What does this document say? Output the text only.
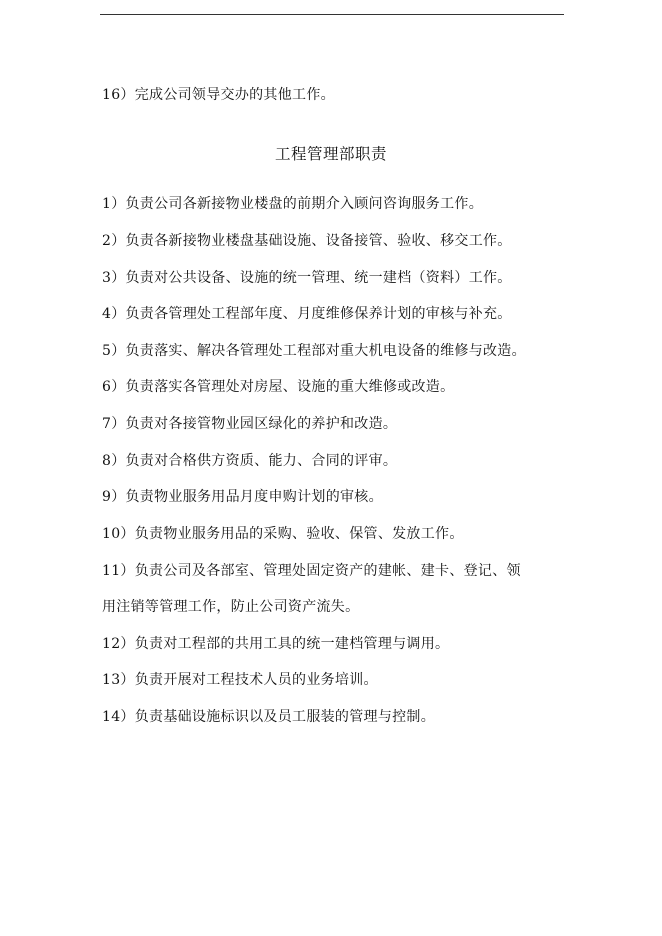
16）完成公司领导交办的其他工作。
工程管理部职责
1）负责公司各新接物业楼盘的前期介入顾问咨询服务工作。
2）负责各新接物业楼盘基础设施、设备接管、验收、移交工作。
3）负责对公共设备、设施的统一管理、统一建档（资料）工作。
4）负责各管理处工程部年度、月度维修保养计划的审核与补充。
5）负责落实、解决各管理处工程部对重大机电设备的维修与改造。
6）负责落实各管理处对房屋、设施的重大维修或改造。
7）负责对各接管物业园区绿化的养护和改造。
8）负责对合格供方资质、能力、合同的评审。
9）负责物业服务用品月度申购计划的审核。
10）负责物业服务用品的采购、验收、保管、发放工作。
11）负责公司及各部室、管理处固定资产的建帐、建卡、登记、领
用注销等管理工作，防止公司资产流失。
12）负责对工程部的共用工具的统一建档管理与调用。
13）负责开展对工程技术人员的业务培训。
14）负责基础设施标识以及员工服装的管理与控制。
